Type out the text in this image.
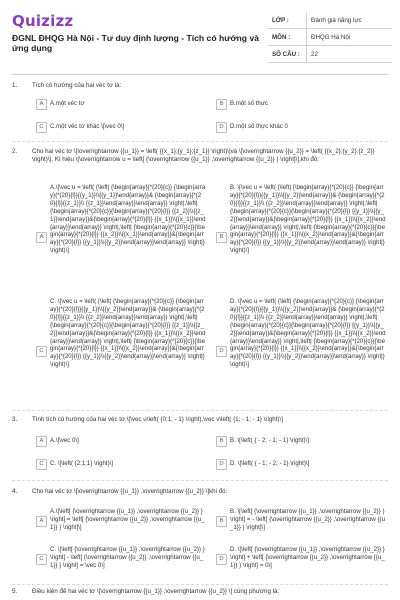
Quizizz
ĐGNL ĐHQG Hà Nội - Tư duy định lượng - Tích có hướng và ứng dụng
LỚP :	Đánh giá năng lực
MÔN :	ĐHQG Hà Nội
SỐ CÂU :	22
1.	Tích có hướng của hai véc tơ là:
A	A.một véc tơ	B	B.một số thực
C	C.một véc tơ khác \[\vec 0\]	D	D.một số thực khác 0
2.	Cho hai véc tơ \[\overrightarrow {{u_1}} = \left( {{x_1};{y_1};{z_1}} \right)\]và \[\overrightarrow {{u_2}} = \left( {{x_2};{y_2};{z_2}} \right)\]. Kí hiệu \[\overrightarrow u = \left[ {\overrightarrow {{u_1}} ,\overrightarrow {{u_2}} } \right]\],khi đó:
A
A.\[\vec u = \left( {\left| {\begin{array}{*{20}{c}} {\begin{array}{*{20}{l}}{{y_1}}\\{{y_1}}\end{array}}& {\begin{array}{*{20}{l}}{{z_1}}\\ {{z_1}}\end{array}}\end{array}} \right|,\left| {\begin{array}{*{20}{c}}{\begin{array}{*{20}{l}} {{z_2}}\\{{z_1}}\end{array}}&{\begin{array}{*{20}{l}} {{x_1}}\\{{x_1}}\end{array}}\end{array}} \right|,\left| {\begin{array}{*{20}{c}}{\begin{array}{*{20}{l}} {{x_2}}\\{{x_1}}\end{array}}&{\begin{array}{*{20}{l}} {{y_1}}\\{{y_2}}\end{array}}\end{array}} \right|} \right)\]
B
B. \[\vec u = \left( {\left| {\begin{array}{*{20}{c}} {\begin{array}{*{20}{l}}{{y_1}}\\{{y_2}}\end{array}}& {\begin{array}{*{20}{l}}{{z_1}}\\ {{z_2}}\end{array}}\end{array}} \right|,\left| {\begin{array}{*{20}{c}}{\begin{array}{*{20}{l}} {{y_1}}\\{{y_2}}\end{array}}&{\begin{array}{*{20}{l}} {{x_1}}\\{{x_2}}\end{array}}\end{array}} \right|,\left| {\begin{array}{*{20}{c}}{\begin{array}{*{20}{l}} {{x_1}}\\{{x_2}}\end{array}}&{\begin{array}{*{20}{l}} {{y_1}}\\{{y_2}}\end{array}}\end{array}} \right|} \right)\]
C
C. \[\vec u = \left( {\left| {\begin{array}{*{20}{c}} {\begin{array}{*{20}{l}}{{y_1}}\\{{y_2}}\end{array}}& {\begin{array}{*{20}{l}}{{z_1}}\\ {{z_2}}\end{array}}\end{array}} \right|,\left| {\begin{array}{*{20}{c}}{\begin{array}{*{20}{l}} {{z_1}}\\{{z_2}}\end{array}}&{\begin{array}{*{20}{l}} {{x_1}}\\{{x_2}}\end{array}}\end{array}} \right|,\left| {\begin{array}{*{20}{c}}{\begin{array}{*{20}{l}} {{x_1}}\\{{x_2}}\end{array}}&{\begin{array}{*{20}{l}} {{y_1}}\\{{y_2}}\end{array}}\end{array}} \right|} \right)\]
D
D. \[\vec u = \left( {\left| {\begin{array}{*{20}{c}} {\begin{array}{*{20}{l}}{{y_1}}\\{{y_2}}\end{array}}& {\begin{array}{*{20}{l}}{{z_1}}\\ {{z_2}}\end{array}}\end{array}} \right|,\left| {\begin{array}{*{20}{c}}{\begin{array}{*{20}{l}} {{y_1}}\\{{y_2}}\end{array}}&{\begin{array}{*{20}{l}} {{x_1}}\\{{x_2}}\end{array}}\end{array}} \right|,\left| {\begin{array}{*{20}{c}}{\begin{array}{*{20}{l}} {{x_1}}\\{{x_2}}\end{array}}&{\begin{array}{*{20}{l}} {{y_1}}\\{{y_2}}\end{array}}\end{array}} \right|} \right)\]
3.	Tính tích có hướng của hai véc tơ \[\vec u\left( {0;1; - 1} \right),\vec v\left( {1; - 1; - 1} \right)\]
A	A.\[\vec 0\]	B	B. \[\left( { - 2; - 1; - 1} \right)\]
C	C. \[\left( {2;1;1} \right)\]	D	D. \[\left( { - 1; - 2; - 1} \right)\]
4.	Cho hai véc tơ \[\overrightarrow {{u_1}} ,\overrightarrow {{u_2}} \]khi đó:
A
A.\[\left[ {\overrightarrow {{u_1}} ,\overrightarrow {{u_2}} } \right] = \left[ {\overrightarrow {{u_2}} ,\overrightarrow {{u_1}} } \right]\]
B
B. \[\left[ {\overrightarrow {{u_1}} ,\overrightarrow {{u_2}} } \right] = - \left[ {\overrightarrow {{u_2}} ,\overrightarrow {{u_1}} } \right]\]
C
C. \[\left[ {\overrightarrow {{u_1}} ,\overrightarrow {{u_2}} } \right] - \left[ {\overrightarrow {{u_2}} ,\overrightarrow {{u_1}} } \right] = \vec 0\]
D
D. \[\left[ {\overrightarrow {{u_1}} ,\overrightarrow {{u_2}} } \right] + \left[ {\overrightarrow {{u_2}} ,\overrightarrow {{u_1}} } \right] = 0\]
5.	Điều kiện để hai véc tơ \[\overrightarrow {{u_1}} ,\overrightarrow {{u_2}} \] cùng phương là:
